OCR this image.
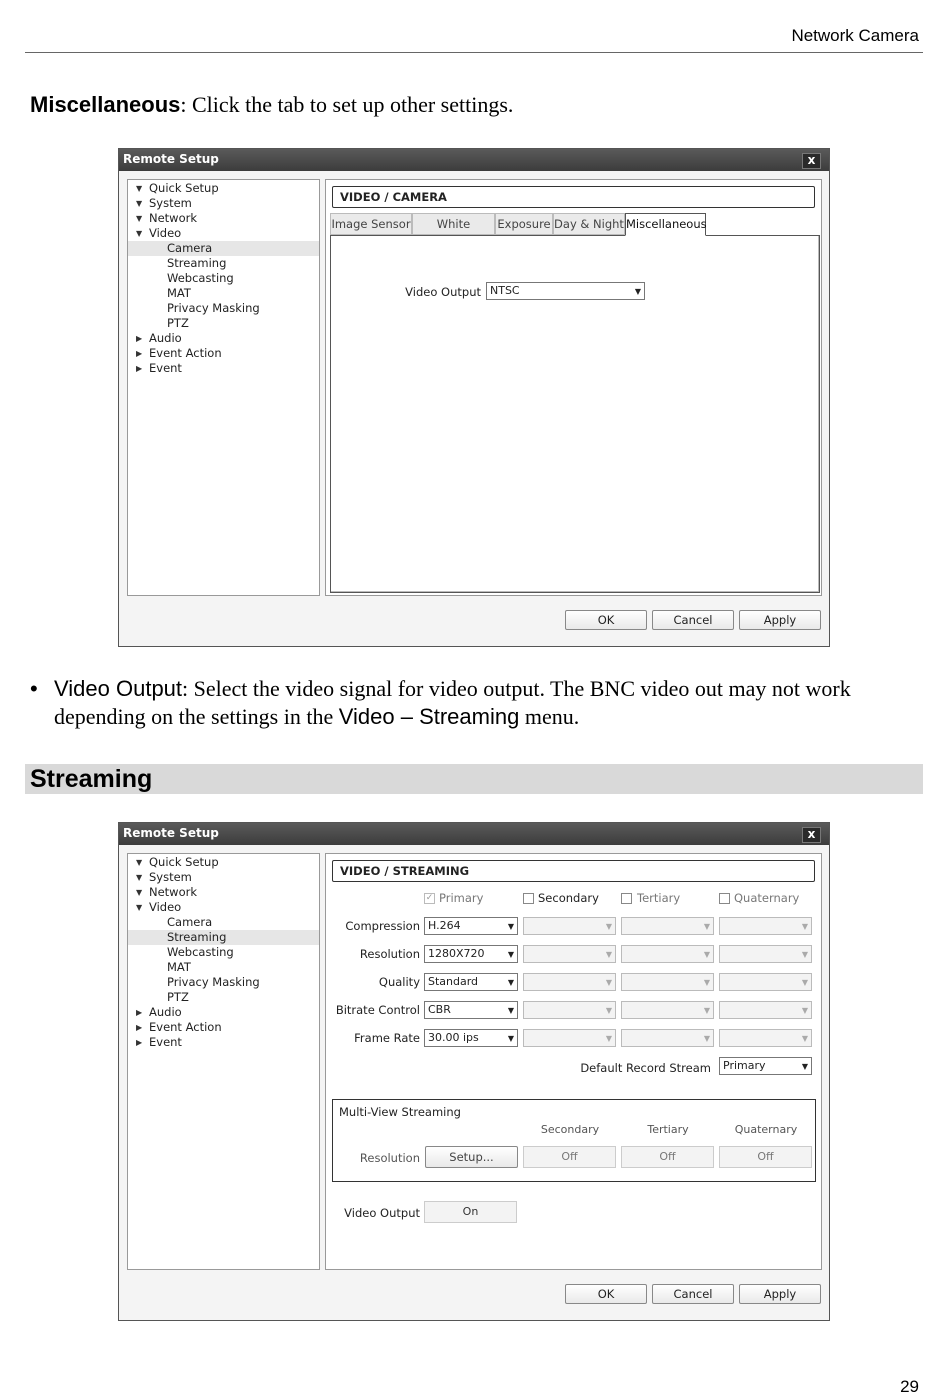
Network Camera
Miscellaneous: Click the tab to set up other settings.
Remote Setup	x
▼ Quick Setup
▼ System
▼ Network
▼ Video
Camera
Streaming
Webcasting
MAT
Privacy Masking
PTZ
▶ Audio
▶ Event Action
▶ Event
VIDEO / CAMERA
Image Sensor	White	Exposure Day & Night
Video Output NTSC	▼
Miscellaneous
OK	Cancel	Apply
• Video Output: Select the video signal for video output. The BNC video out may not work depending on the settings in the Video – Streaming menu.
Streaming
Remote Setup	x
▼ Quick Setup
▼ System
▼ Network
▼ Video
Camera
Streaming
Webcasting
MAT
Privacy Masking
PTZ
▶ Audio
▶ Event Action
▶ Event
VIDEO / STREAMING
✓ Primary	Secondary	Tertiary	Quaternary
Compression H.264	▼	▼	▼	▼
Resolution 1280X720	▼	▼	▼	▼
Quality Standard	▼	▼	▼	▼
Bitrate Control CBR	▼	▼	▼	▼
Frame Rate 30.00 ips	▼	▼	▼	▼
Default Record Stream	Primary	▼
Multi-View Streaming
Secondary	Tertiary	Quaternary
Resolution	Setup...	Off	Off	Off
Video Output	On
OK	Cancel	Apply
29
